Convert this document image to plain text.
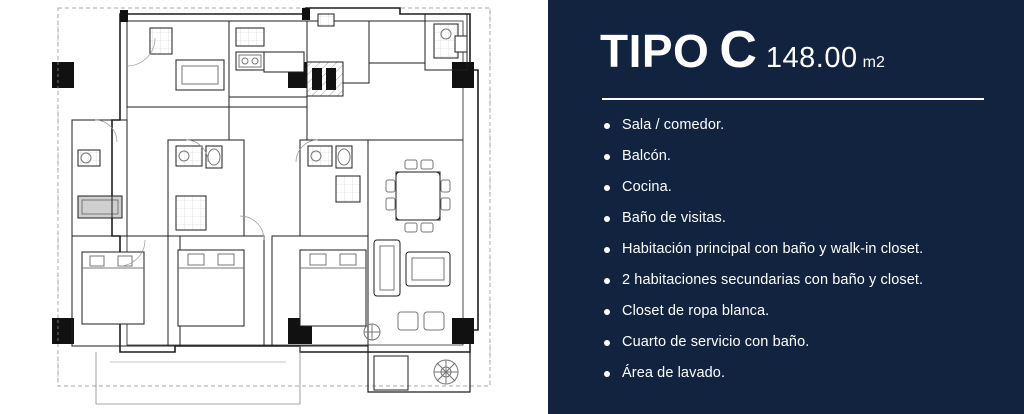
TIPO C 148.00 m2
Sala / comedor.
Balcón.
Cocina.
Baño de visitas.
Habitación principal con baño y walk-in closet.
2 habitaciones secundarias con baño y closet.
Closet de ropa blanca.
Cuarto de servicio con baño.
Área de lavado.
